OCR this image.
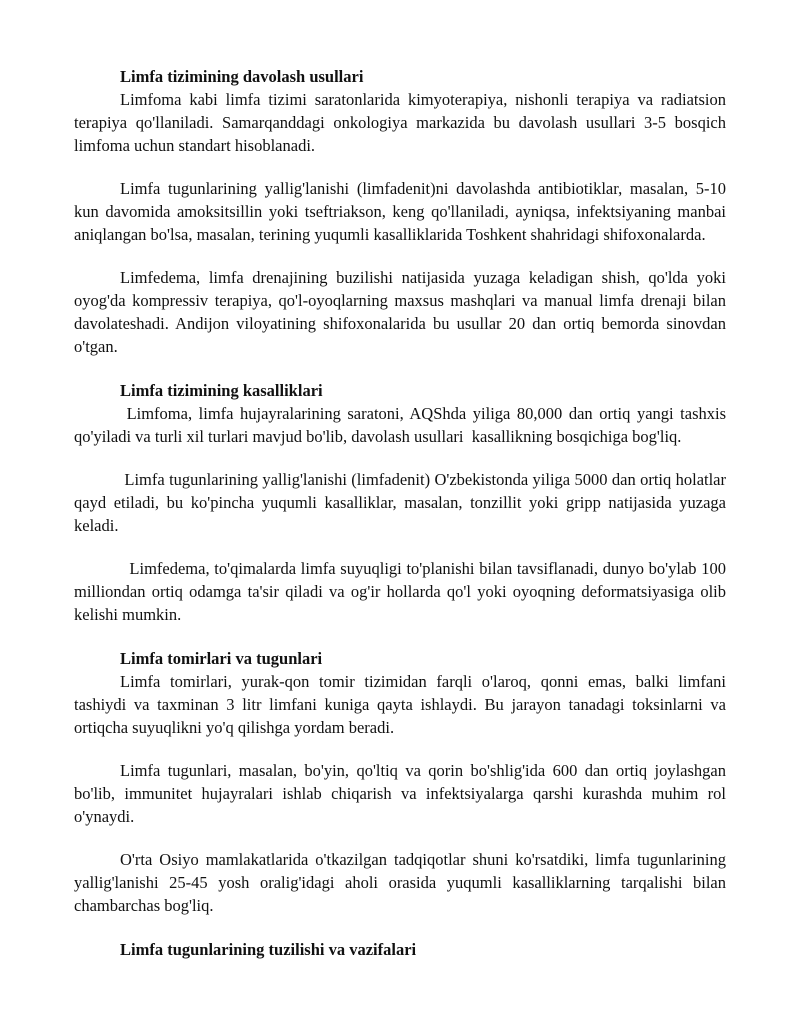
Limfa tizimining davolash usullari

Limfoma kabi limfa tizimi saratonlarida kimyoterapiya, nishonli terapiya va radiatsion terapiya qo'llaniladi. Samarqanddagi onkologiya markazida bu davolash usullari 3-5 bosqich limfoma uchun standart hisoblanadi.

Limfa tugunlarining yallig'lanishi (limfadenit)ni davolashda antibiotiklar, masalan, 5-10 kun davomida amoksitsillin yoki tseftriakson, keng qo'llaniladi, ayniqsa, infektsiyaning manbai aniqlangan bo'lsa, masalan, terining yuqumli kasalliklarida Toshkent shahridagi shifoxonalarda.

Limfedema, limfa drenajining buzilishi natijasida yuzaga keladigan shish, qo'lda yoki oyog'da kompressiv terapiya, qo'l-oyoqlarning maxsus mashqlari va manual limfa drenaji bilan davolateshadi. Andijon viloyatining shifoxonalarida bu usullar 20 dan ortiq bemorda sinovdan o'tgan.

Limfa tizimining kasalliklari

Limfoma, limfa hujayralarining saratoni, AQShda yiliga 80,000 dan ortiq yangi tashxis qo'yiladi va turli xil turlari mavjud bo'lib, davolash usullari  kasallikning bosqichiga bog'liq.

Limfa tugunlarining yallig'lanishi (limfadenit) O'zbekistonda yiliga 5000 dan ortiq holatlar qayd etiladi, bu ko'pincha yuqumli kasalliklar, masalan, tonzillit yoki gripp natijasida yuzaga keladi.

Limfedema, to'qimalarda limfa suyuqligi to'planishi bilan tavsiflanadi, dunyo bo'ylab 100 milliondan ortiq odamga ta'sir qiladi va og'ir hollarda qo'l yoki oyoqning deformatsiyasiga olib kelishi mumkin.

Limfa tomirlari va tugunlari

Limfa tomirlari, yurak-qon tomir tizimidan farqli o'laroq, qonni emas, balki limfani tashiydi va taxminan 3 litr limfani kuniga qayta ishlaydi. Bu jarayon tanadagi toksinlarni va ortiqcha suyuqlikni yo'q qilishga yordam beradi.

Limfa tugunlari, masalan, bo'yin, qo'ltiq va qorin bo'shlig'ida 600 dan ortiq joylashgan bo'lib, immunitet hujayralari ishlab chiqarish va infektsiyalarga qarshi kurashda muhim rol o'ynaydi.

O'rta Osiyo mamlakatlarida o'tkazilgan tadqiqotlar shuni ko'rsatdiki, limfa tugunlarining yallig'lanishi 25-45 yosh oralig'idagi aholi orasida yuqumli kasalliklarning tarqalishi bilan chambarchas bog'liq.

Limfa tugunlarining tuzilishi va vazifalari
